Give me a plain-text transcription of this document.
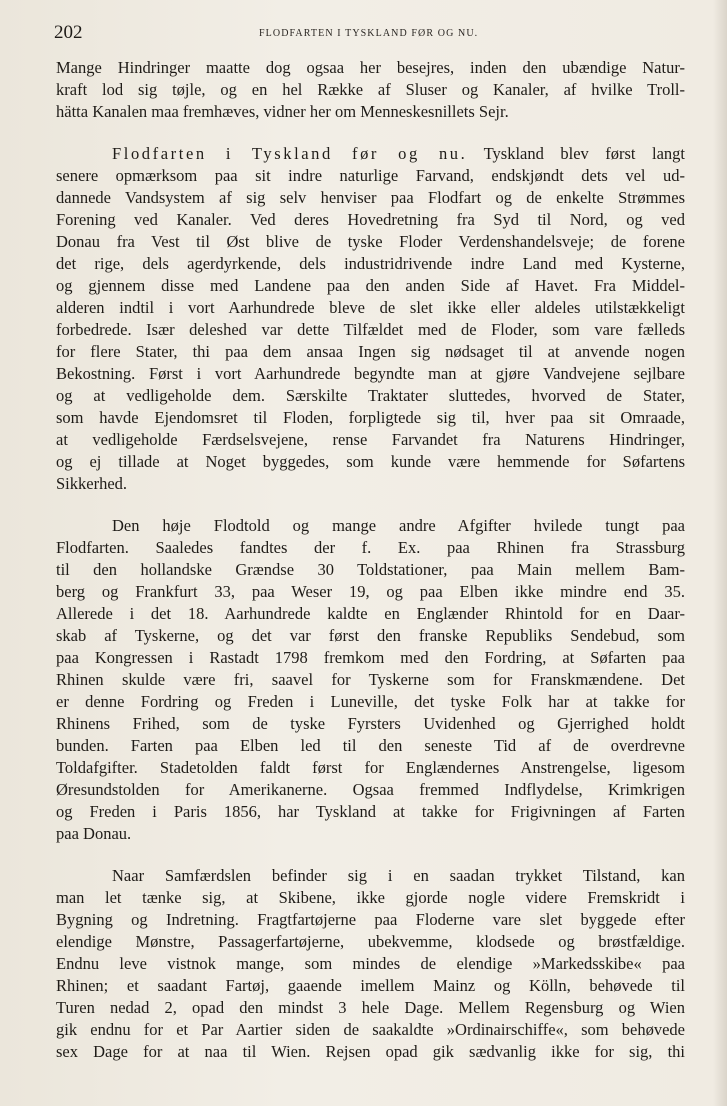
202	FLODFARTEN I TYSKLAND FØR OG NU.
Mange Hindringer maatte dog ogsaa her besejres, inden den ubændige Natur-
kraft lod sig tøjle, og en hel Række af Sluser og Kanaler, af hvilke Troll-
hätta Kanalen maa fremhæves, vidner her om Menneskesnillets Sejr.
Flodfarten i Tyskland før og nu. Tyskland blev først langt
senere opmærksom paa sit indre naturlige Farvand, endskjøndt dets vel ud-
dannede Vandsystem af sig selv henviser paa Flodfart og de enkelte Strømmes
Forening ved Kanaler. Ved deres Hovedretning fra Syd til Nord, og ved
Donau fra Vest til Øst blive de tyske Floder Verdenshandelsveje; de forene
det rige, dels agerdyrkende, dels industridrivende indre Land med Kysterne,
og gjennem disse med Landene paa den anden Side af Havet. Fra Middel-
alderen indtil i vort Aarhundrede bleve de slet ikke eller aldeles utilstækkeligt
forbedrede. Især deleshed var dette Tilfældet med de Floder, som vare fælleds
for flere Stater, thi paa dem ansaa Ingen sig nødsaget til at anvende nogen
Bekostning. Først i vort Aarhundrede begyndte man at gjøre Vandvejene sejlbare
og at vedligeholde dem. Særskilte Traktater sluttedes, hvorved de Stater,
som havde Ejendomsret til Floden, forpligtede sig til, hver paa sit Omraade,
at vedligeholde Færdselsvejene, rense Farvandet fra Naturens Hindringer,
og ej tillade at Noget byggedes, som kunde være hemmende for Søfartens
Sikkerhed.
Den høje Flodtold og mange andre Afgifter hvilede tungt paa
Flodfarten. Saaledes fandtes der f. Ex. paa Rhinen fra Strassburg
til den hollandske Grændse 30 Toldstationer, paa Main mellem Bam-
berg og Frankfurt 33, paa Weser 19, og paa Elben ikke mindre end 35.
Allerede i det 18. Aarhundrede kaldte en Englænder Rhintold for en Daar-
skab af Tyskerne, og det var først den franske Republiks Sendebud, som
paa Kongressen i Rastadt 1798 fremkom med den Fordring, at Søfarten paa
Rhinen skulde være fri, saavel for Tyskerne som for Franskmændene. Det
er denne Fordring og Freden i Luneville, det tyske Folk har at takke for
Rhinens Frihed, som de tyske Fyrsters Uvidenhed og Gjerrighed holdt
bunden. Farten paa Elben led til den seneste Tid af de overdrevne
Toldafgifter. Stadetolden faldt først for Englændernes Anstrengelse, ligesom
Øresundstolden for Amerikanerne. Ogsaa fremmed Indflydelse, Krimkrigen
og Freden i Paris 1856, har Tyskland at takke for Frigivningen af Farten
paa Donau.
Naar Samfærdslen befinder sig i en saadan trykket Tilstand, kan
man let tænke sig, at Skibene, ikke gjorde nogle videre Fremskridt i
Bygning og Indretning. Fragtfartøjerne paa Floderne vare slet byggede efter
elendige Mønstre, Passagerfartøjerne, ubekvemme, klodsede og brøstfældige.
Endnu leve vistnok mange, som mindes de elendige »Markedsskibe« paa
Rhinen; et saadant Fartøj, gaaende imellem Mainz og Kölln, behøvede til
Turen nedad 2, opad den mindst 3 hele Dage. Mellem Regensburg og Wien
gik endnu for et Par Aartier siden de saakaldte »Ordinairschiffe«, som behøvede
sex Dage for at naa til Wien. Rejsen opad gik sædvanlig ikke for sig, thi
